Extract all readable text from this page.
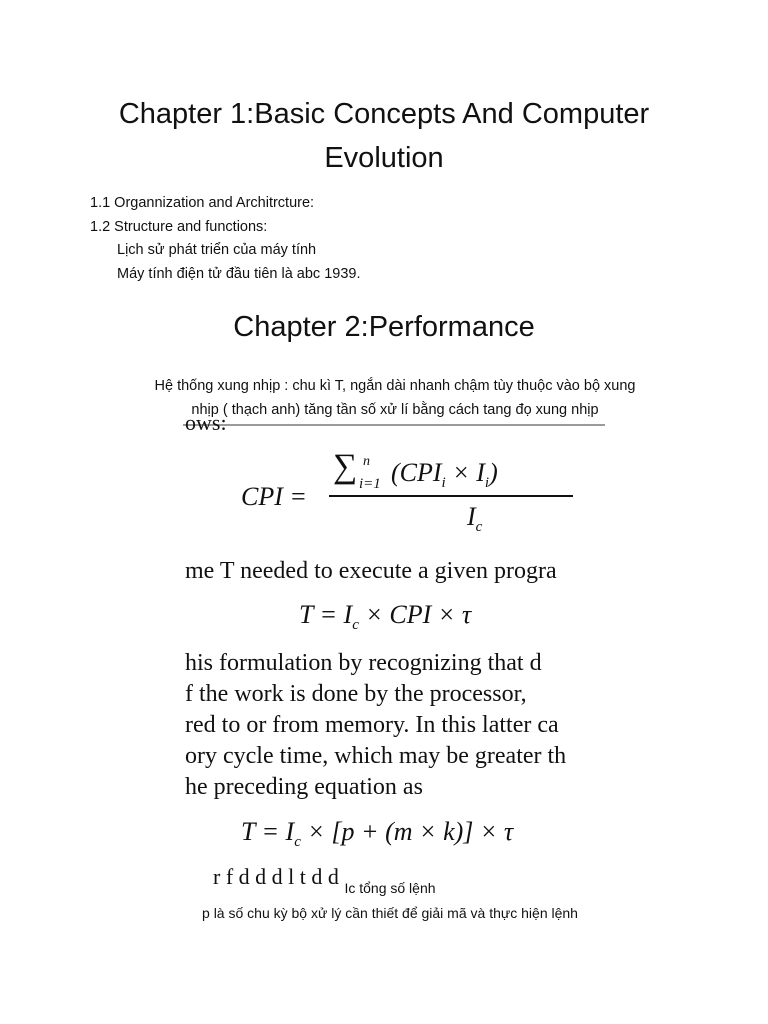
Chapter 1:Basic Concepts And Computer
Evolution
1.1 Organnization and Architrcture:
1.2 Structure and functions:
Lịch sử phát triển của máy tính
Máy tính điện tử đầu tiên là abc 1939.
Chapter 2:Performance
Hệ thống xung nhịp : chu kì T, ngắn dài nhanh chậm tùy thuộc vào bộ xung
nhịp ( thạch anh) tăng tần số xử lí bằng cách tang đọ xung nhịp
ows:
CPI =
∑ n
i=1 $(CPI_i \times I_i)$
$I_c$
me T needed to execute a given progra
$T = I_c$ × CPI × τ
his formulation by recognizing that d
f the work is done by the processor,
red to or from memory. In this latter ca
ory cycle time, which may be greater th
he preceding equation as
$T = I_c \times [p + (m \times k)] \times \tau$
r f d d d l t d d Ic tổng số lệnh
p là số chu kỳ bộ xử lý cần thiết để giải mã và thực hiện lệnh
